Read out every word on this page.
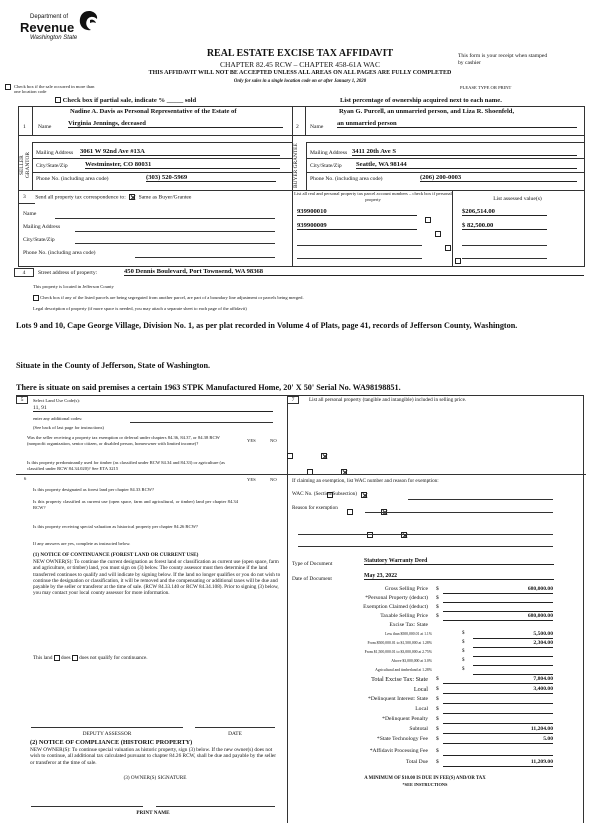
Department of
Revenue
Washington State
REAL ESTATE EXCISE TAX AFFIDAVIT
CHAPTER 82.45 RCW – CHAPTER 458-61A WAC
THIS AFFIDAVIT WILL NOT BE ACCEPTED UNLESS ALL AREAS ON ALL PAGES ARE FULLY COMPLETED
Only for sales in a single location code on or after January 1, 2020
This form is your receipt when stamped by cashier
PLEASE TYPE OR PRINT
Check box if the sale occurred in more than one location code
Check box if partial sale, indicate % _____ sold	List percentage of ownership acquired next to each name.
1 Name
Nadine A. Davis as Personal Representative of the Estate of
Virginia Jennings, deceased
SELLER GRANTOR Mailing Address 3061 W 92nd Ave #13A
City/State/Zip	Westminster, CO 80031
Phone No. (including area code)	(303) 520-5969
2 Name
Ryan G. Purcell, an unmarried person, and Liza R. Shoenfeld,
an unmarried person
BUYER GRANTEE	Mailing Address 3411 20th Ave S
City/State/Zip Seattle, WA 98144
Phone No. (including area code)	(206) 200-0003
3 Send all property tax correspondence to: Same as Buyer/Grantee
Name
Mailing Address
City/State/Zip
Phone No. (including area code)
List all real and personal property tax parcel account numbers – check box if personal property	List assessed value(s)
939900010
	$206,514.00
939900009
	$ 82,500.00

4	Street address of property:	450 Dennis Boulevard, Port Townsend, WA 98368
This property is located in Jefferson County
Check box if any of the listed parcels are being segregated from another parcel, are part of a boundary line adjustment or parcels being merged.
Legal description of property (if more space is needed, you may attach a separate sheet to each page of the affidavit)
Lots 9 and 10, Cape George Village, Division No. 1, as per plat recorded in Volume 4 of Plats, page 41, records of Jefferson County, Washington.
Situate in the County of Jefferson, State of Washington.
There is situate on said premises a certain 1963 STPK Manufactured Home, 20' X 50' Serial No. WA98198851.
5	Select Land Use Code(s):
11, 91
enter any additional codes:
(See back of last page for instructions)
YES	NO
Was the seller receiving a property tax exemption or deferral under chapters 84.36, 84.37, or 84.38 RCW (nonprofit organization, senior citizen, or disabled person, homeowner with limited income)?

Is this property predominantly used for timber (as classified under RCW 84.34 and 84.33) or agriculture (as classified under RCW 84.34.020)? See ETA 3215

6	YES	NO
Is this property designated as forest land per chapter 84.33 RCW?

Is this property classified as current use (open space, farm and agricultural, or timber) land per chapter 84.34 RCW?

Is this property receiving special valuation as historical property per chapter 84.26 RCW?

If any answers are yes, complete as instructed below.
(1) NOTICE OF CONTINUANCE (FOREST LAND OR CURRENT USE)
NEW OWNER(S): To continue the current designation as forest land or classification as current use (open space, farm and agriculture, or timber) land, you must sign on (3) below. The county assessor must then determine if the land transferred continues to qualify and will indicate by signing below. If the land no longer qualifies or you do not wish to continue the designation or classification, it will be removed and the compensating or additional taxes will be due and payable by the seller or transferor at the time of sale. (RCW 84.33.140 or RCW 84.34.108). Prior to signing (3) below, you may contact your local county assessor for more information.
This land does does not qualify for continuance.
DEPUTY ASSESSOR	DATE
(2) NOTICE OF COMPLIANCE (HISTORIC PROPERTY)
NEW OWNER(S): To continue special valuation as historic property, sign (3) below. If the new owner(s) does not wish to continue, all additional tax calculated pursuant to chapter 84.26 RCW, shall be due and payable by the seller or transferor at the time of sale.
(3) OWNER(S) SIGNATURE
PRINT NAME
7	List all personal property (tangible and intangible) included in selling price.
If claiming an exemption, list WAC number and reason for exemption:
WAC No. (Section/Subsection)
Reason for exemption
Type of Document	Statutory Warranty Deed
Date of Document	May 23, 2022
Gross Selling Price $	680,000.00
*Personal Property (deduct) $
Exemption Claimed (deduct) $
Taxable Selling Price $	680,000.00
Excise Tax: State
Less than $500,000.01 at 1.1%	$	5,500.00
From $500,000.01 to $1,500,000 at 1.28%	$	2,304.00
From $1,500,000.01 to $3,000,000 at 2.75%	$
Above $3,000,000 at 3.0%	$
Agricultural and timberland at 1.28%	$
Total Excise Tax: State $	7,804.00
Local $	3,400.00
*Delinquent Interest: State $
Local $
*Delinquent Penalty $
Subtotal $	11,204.00
*State Technology Fee $	5.00
*Affidavit Processing Fee $
Total Due $	11,209.00
A MINIMUM OF $10.00 IS DUE IN FEE(S) AND/OR TAX
*SEE INSTRUCTIONS
